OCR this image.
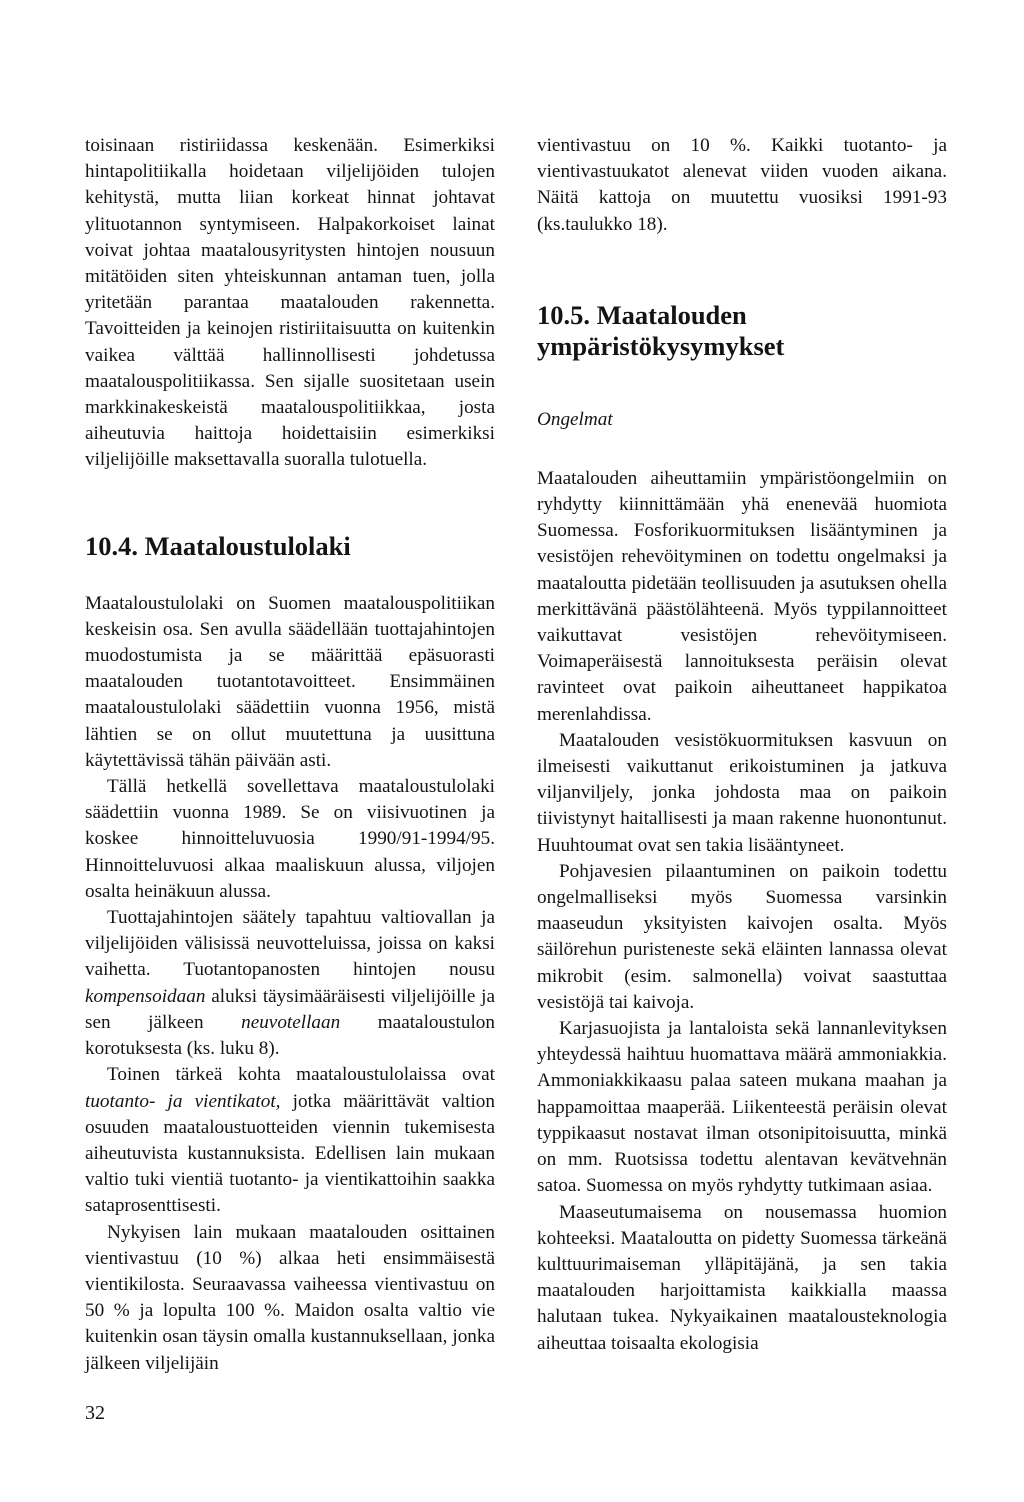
toisinaan ristiriidassa keskenään. Esimerkiksi hintapolitiikalla hoidetaan viljelijöiden tulojen kehitystä, mutta liian korkeat hinnat johtavat ylituotannon syntymiseen. Halpakorkoiset lainat voivat johtaa maatalousyritysten hintojen nousuun mitätöiden siten yhteiskunnan antaman tuen, jolla yritetään parantaa maatalouden rakennetta. Tavoitteiden ja keinojen ristiriitaisuutta on kuitenkin vaikea välttää hallinnollisesti johdetussa maatalouspolitiikassa. Sen sijalle suositetaan usein markkinakeskeistä maatalouspolitiikkaa, josta aiheutuvia haittoja hoidettaisiin esimerkiksi viljelijöille maksettavalla suoralla tulotuella.

10.4. Maataloustulolaki

Maataloustulolaki on Suomen maatalouspolitiikan keskeisin osa. Sen avulla säädellään tuottajahintojen muodostumista ja se määrittää epäsuorasti maatalouden tuotantotavoitteet. Ensimmäinen maataloustulolaki säädettiin vuonna 1956, mistä lähtien se on ollut muutettuna ja uusittuna käytettävissä tähän päivään asti.

Tällä hetkellä sovellettava maataloustulolaki säädettiin vuonna 1989. Se on viisivuotinen ja koskee hinnoitteluvuosia 1990/91-1994/95. Hinnoitteluvuosi alkaa maaliskuun alussa, viljojen osalta heinäkuun alussa.

Tuottajahintojen säätely tapahtuu valtiovallan ja viljelijöiden välisissä neuvotteluissa, joissa on kaksi vaihetta. Tuotantopanosten hintojen nousu kompensoidaan aluksi täysimääräisesti viljelijöille ja sen jälkeen neuvotellaan maataloustulon korotuksesta (ks. luku 8).

Toinen tärkeä kohta maataloustulolaissa ovat tuotanto- ja vientikatot, jotka määrittävät valtion osuuden maataloustuotteiden viennin tukemisesta aiheutuvista kustannuksista. Edellisen lain mukaan valtio tuki vientiä tuotanto- ja vientikattoihin saakka sataprosenttisesti.

Nykyisen lain mukaan maatalouden osittainen vientivastuu (10 %) alkaa heti ensimmäisestä vientikilosta. Seuraavassa vaiheessa vientivastuu on 50 % ja lopulta 100 %. Maidon osalta valtio vie kuitenkin osan täysin omalla kustannuksellaan, jonka jälkeen viljelijäin

vientivastuu on 10 %. Kaikki tuotanto- ja vientivastuukatot alenevat viiden vuoden aikana. Näitä kattoja on muutettu vuosiksi 1991-93 (ks.taulukko 18).

10.5. Maatalouden ympäristökysymykset
Ongelmat

Maatalouden aiheuttamiin ympäristöongelmiin on ryhdytty kiinnittämään yhä enenevää huomiota Suomessa. Fosforikuormituksen lisääntyminen ja vesistöjen rehevöityminen on todettu ongelmaksi ja maataloutta pidetään teollisuuden ja asutuksen ohella merkittävänä päästölähteenä. Myös typpilannoitteet vaikuttavat vesistöjen rehevöitymiseen. Voimaperäisestä lannoituksesta peräisin olevat ravinteet ovat paikoin aiheuttaneet happikatoa merenlahdissa.

Maatalouden vesistökuormituksen kasvuun on ilmeisesti vaikuttanut erikoistuminen ja jatkuva viljanviljely, jonka johdosta maa on paikoin tiivistynyt haitallisesti ja maan rakenne huonontunut. Huuhtoumat ovat sen takia lisääntyneet.

Pohjavesien pilaantuminen on paikoin todettu ongelmalliseksi myös Suomessa varsinkin maaseudun yksityisten kaivojen osalta. Myös säilörehun puristeneste sekä eläinten lannassa olevat mikrobit (esim. salmonella) voivat saastuttaa vesistöjä tai kaivoja.

Karjasuojista ja lantaloista sekä lannanlevityksen yhteydessä haihtuu huomattava määrä ammoniakkia. Ammoniakkikaasu palaa sateen mukana maahan ja happamoittaa maaperää. Liikenteestä peräisin olevat typpikaasut nostavat ilman otsonipitoisuutta, minkä on mm. Ruotsissa todettu alentavan kevätvehnän satoa. Suomessa on myös ryhdytty tutkimaan asiaa.

Maaseutumaisema on nousemassa huomion kohteeksi. Maataloutta on pidetty Suomessa tärkeänä kulttuurimaiseman ylläpitäjänä, ja sen takia maatalouden harjoittamista kaikkialla maassa halutaan tukea. Nykyaikainen maatalousteknologia aiheuttaa toisaalta ekologisia

32
